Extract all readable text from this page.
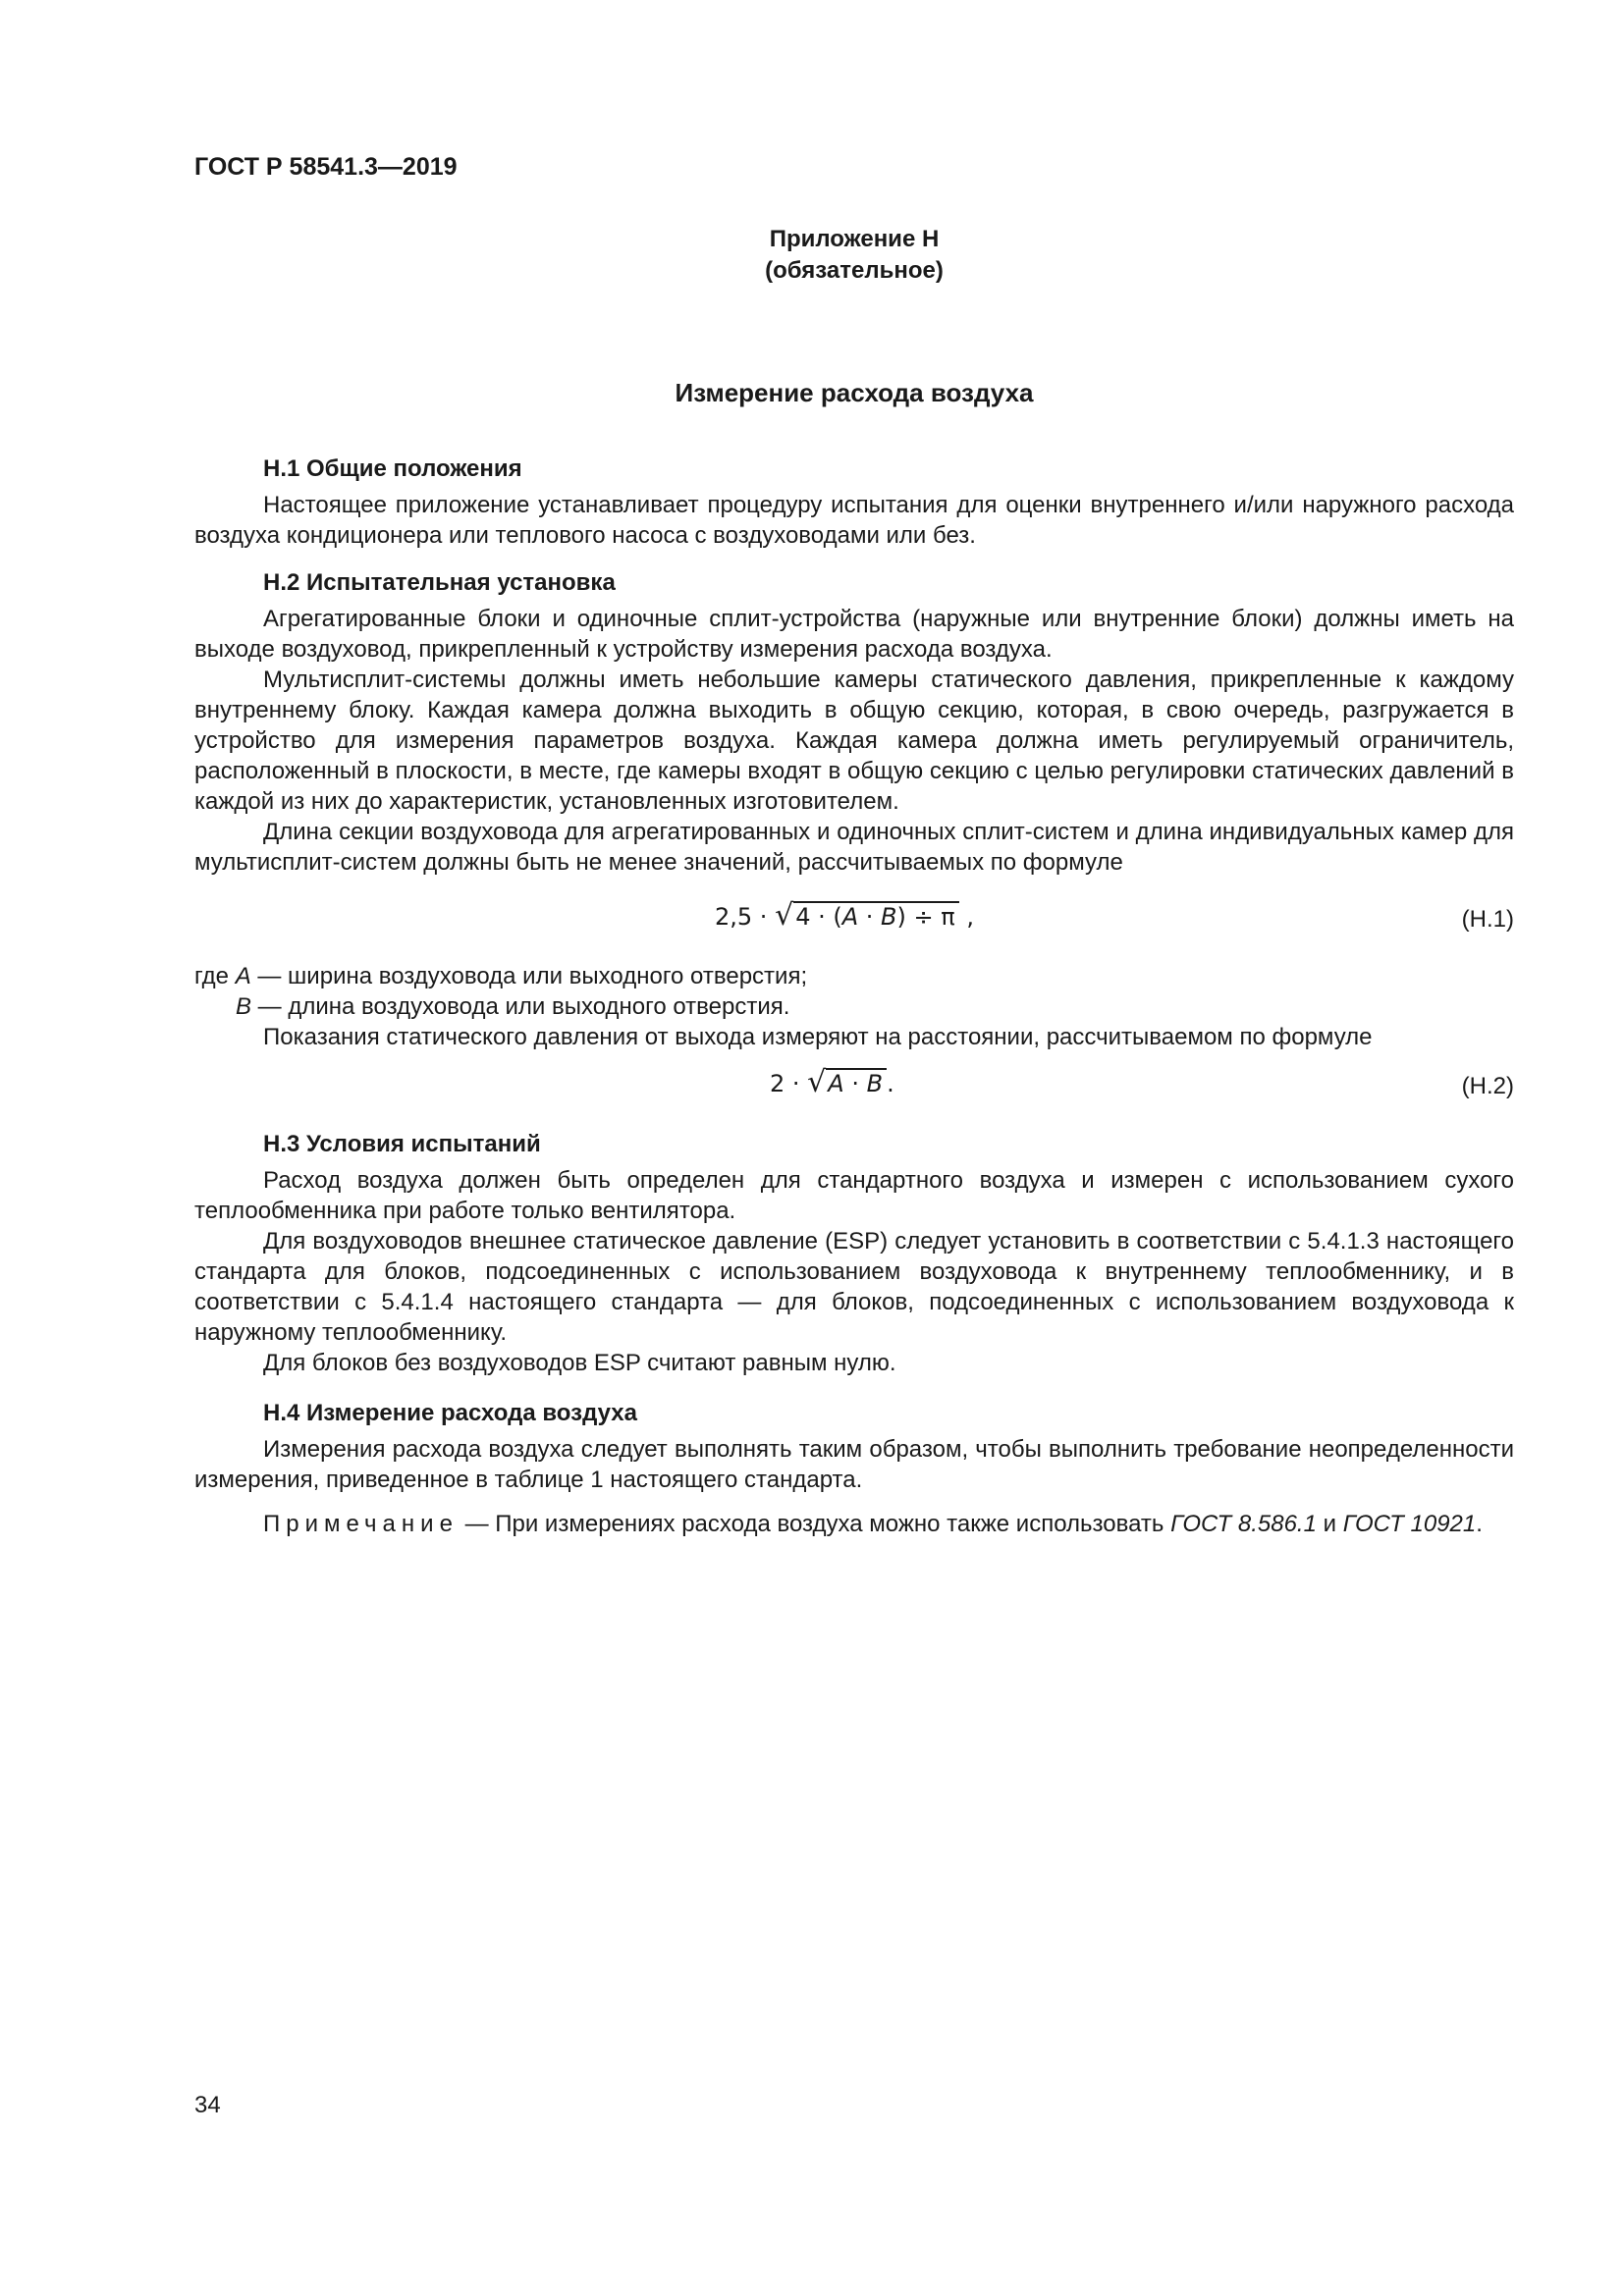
ГОСТ Р 58541.3—2019
Приложение Н
(обязательное)
Измерение расхода воздуха
Н.1 Общие положения
Настоящее приложение устанавливает процедуру испытания для оценки внутреннего и/или наружного расхода воздуха кондиционера или теплового насоса с воздуховодами или без.
Н.2 Испытательная установка
Агрегатированные блоки и одиночные сплит-устройства (наружные или внутренние блоки) должны иметь на выходе воздуховод, прикрепленный к устройству измерения расхода воздуха.
Мультисплит-системы должны иметь небольшие камеры статического давления, прикрепленные к каждому внутреннему блоку. Каждая камера должна выходить в общую секцию, которая, в свою очередь, разгружается в устройство для измерения параметров воздуха. Каждая камера должна иметь регулируемый ограничитель, расположенный в плоскости, в месте, где камеры входят в общую секцию с целью регулировки статических давлений в каждой из них до характеристик, установленных изготовителем.
Длина секции воздуховода для агрегатированных и одиночных сплит-систем и длина индивидуальных камер для мультисплит-систем должны быть не менее значений, рассчитываемых по формуле
2,5 · √4 · (A · B) ÷ π ,	(Н.1)
где A — ширина воздуховода или выходного отверстия;
B — длина воздуховода или выходного отверстия.
Показания статического давления от выхода измеряют на расстоянии, рассчитываемом по формуле
2 · √A · B .	(Н.2)
Н.3 Условия испытаний
Расход воздуха должен быть определен для стандартного воздуха и измерен с использованием сухого теплообменника при работе только вентилятора.
Для воздуховодов внешнее статическое давление (ESP) следует установить в соответствии с 5.4.1.3 настоящего стандарта для блоков, подсоединенных с использованием воздуховода к внутреннему теплообменнику, и в соответствии с 5.4.1.4 настоящего стандарта — для блоков, подсоединенных с использованием воздуховода к наружному теплообменнику.
Для блоков без воздуховодов ESP считают равным нулю.
Н.4 Измерение расхода воздуха
Измерения расхода воздуха следует выполнять таким образом, чтобы выполнить требование неопределенности измерения, приведенное в таблице 1 настоящего стандарта.
Примечание — При измерениях расхода воздуха можно также использовать ГОСТ 8.586.1 и ГОСТ 10921.
34
